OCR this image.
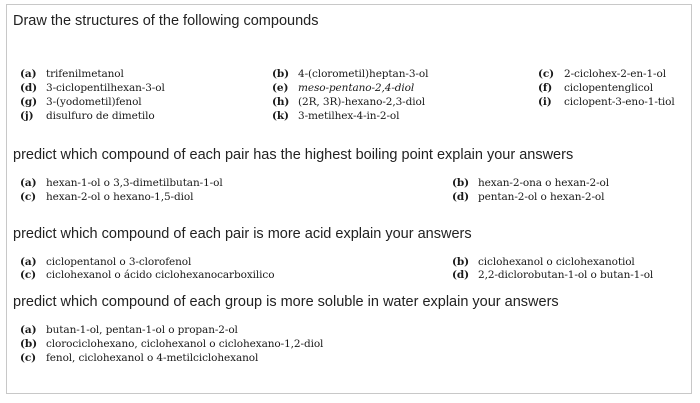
Draw the structures of the following compounds
(a) trifenilmetanol
(d) 3-ciclopentilhexan-3-ol
(g) 3-(yodometil)fenol
(j) disulfuro de dimetilo
(b) 4-(clorometil)heptan-3-ol
(e) meso-pentano-2,4-diol
(h) (2R, 3R)-hexano-2,3-diol
(k) 3-metilhex-4-in-2-ol
(c) 2-ciclohex-2-en-1-ol
(f) ciclopentenglicol
(i) ciclopent-3-eno-1-tiol
predict which compound of each pair has the highest boiling point explain your answers
(a) hexan-1-ol o 3,3-dimetilbutan-1-ol
(c) hexan-2-ol o hexano-1,5-diol
(b) hexan-2-ona o hexan-2-ol
(d) pentan-2-ol o hexan-2-ol
predict which compound of each pair is more acid explain your answers
(a) ciclopentanol o 3-clorofenol
(c) ciclohexanol o ácido ciclohexanocarboxilico
(b) ciclohexanol o ciclohexanotiol
(d) 2,2-diclorobutan-1-ol o butan-1-ol
predict which compound of each group is more soluble in water explain your answers
(a) butan-1-ol, pentan-1-ol o propan-2-ol
(b) clorociclohexano, ciclohexanol o ciclohexano-1,2-diol
(c) fenol, ciclohexanol o 4-metilciclohexanol
